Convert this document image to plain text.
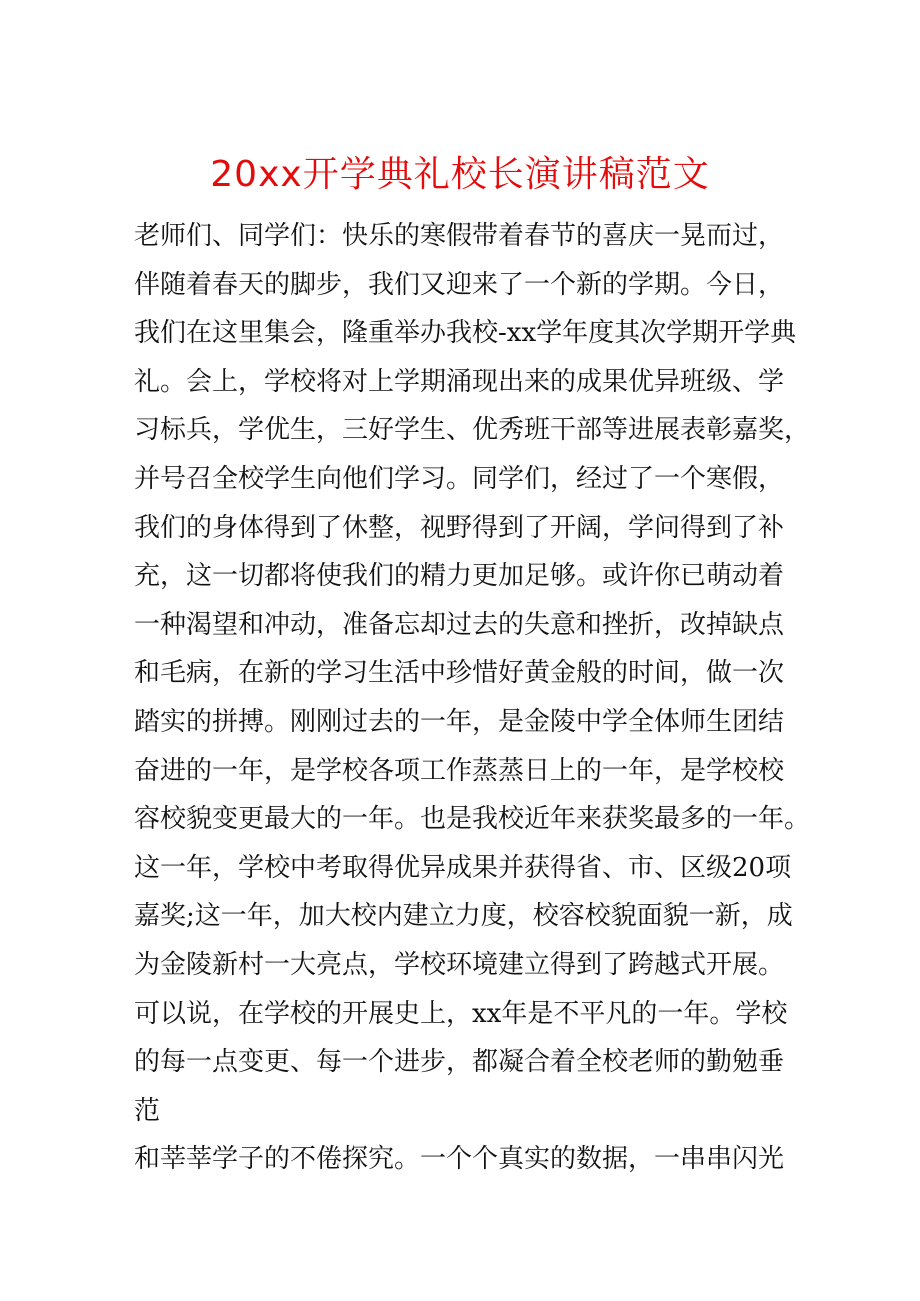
20xx开学典礼校长演讲稿范文
老师们、同学们：快乐的寒假带着春节的喜庆一晃而过，
伴随着春天的脚步，我们又迎来了一个新的学期。今日，
我们在这里集会，隆重举办我校-xx学年度其次学期开学典
礼。会上，学校将对上学期涌现出来的成果优异班级、学
习标兵，学优生，三好学生、优秀班干部等进展表彰嘉奖，
并号召全校学生向他们学习。同学们，经过了一个寒假，
我们的身体得到了休整，视野得到了开阔，学问得到了补
充，这一切都将使我们的精力更加足够。或许你已萌动着
一种渴望和冲动，准备忘却过去的失意和挫折，改掉缺点
和毛病，在新的学习生活中珍惜好黄金般的时间，做一次
踏实的拼搏。刚刚过去的一年，是金陵中学全体师生团结
奋进的一年，是学校各项工作蒸蒸日上的一年，是学校校
容校貌变更最大的一年。也是我校近年来获奖最多的一年。
这一年，学校中考取得优异成果并获得省、市、区级20项
嘉奖;这一年，加大校内建立力度，校容校貌面貌一新，成
为金陵新村一大亮点，学校环境建立得到了跨越式开展。
可以说，在学校的开展史上，xx年是不平凡的一年。学校
的每一点变更、每一个进步，都凝合着全校老师的勤勉垂
范
和莘莘学子的不倦探究。一个个真实的数据，一串串闪光
